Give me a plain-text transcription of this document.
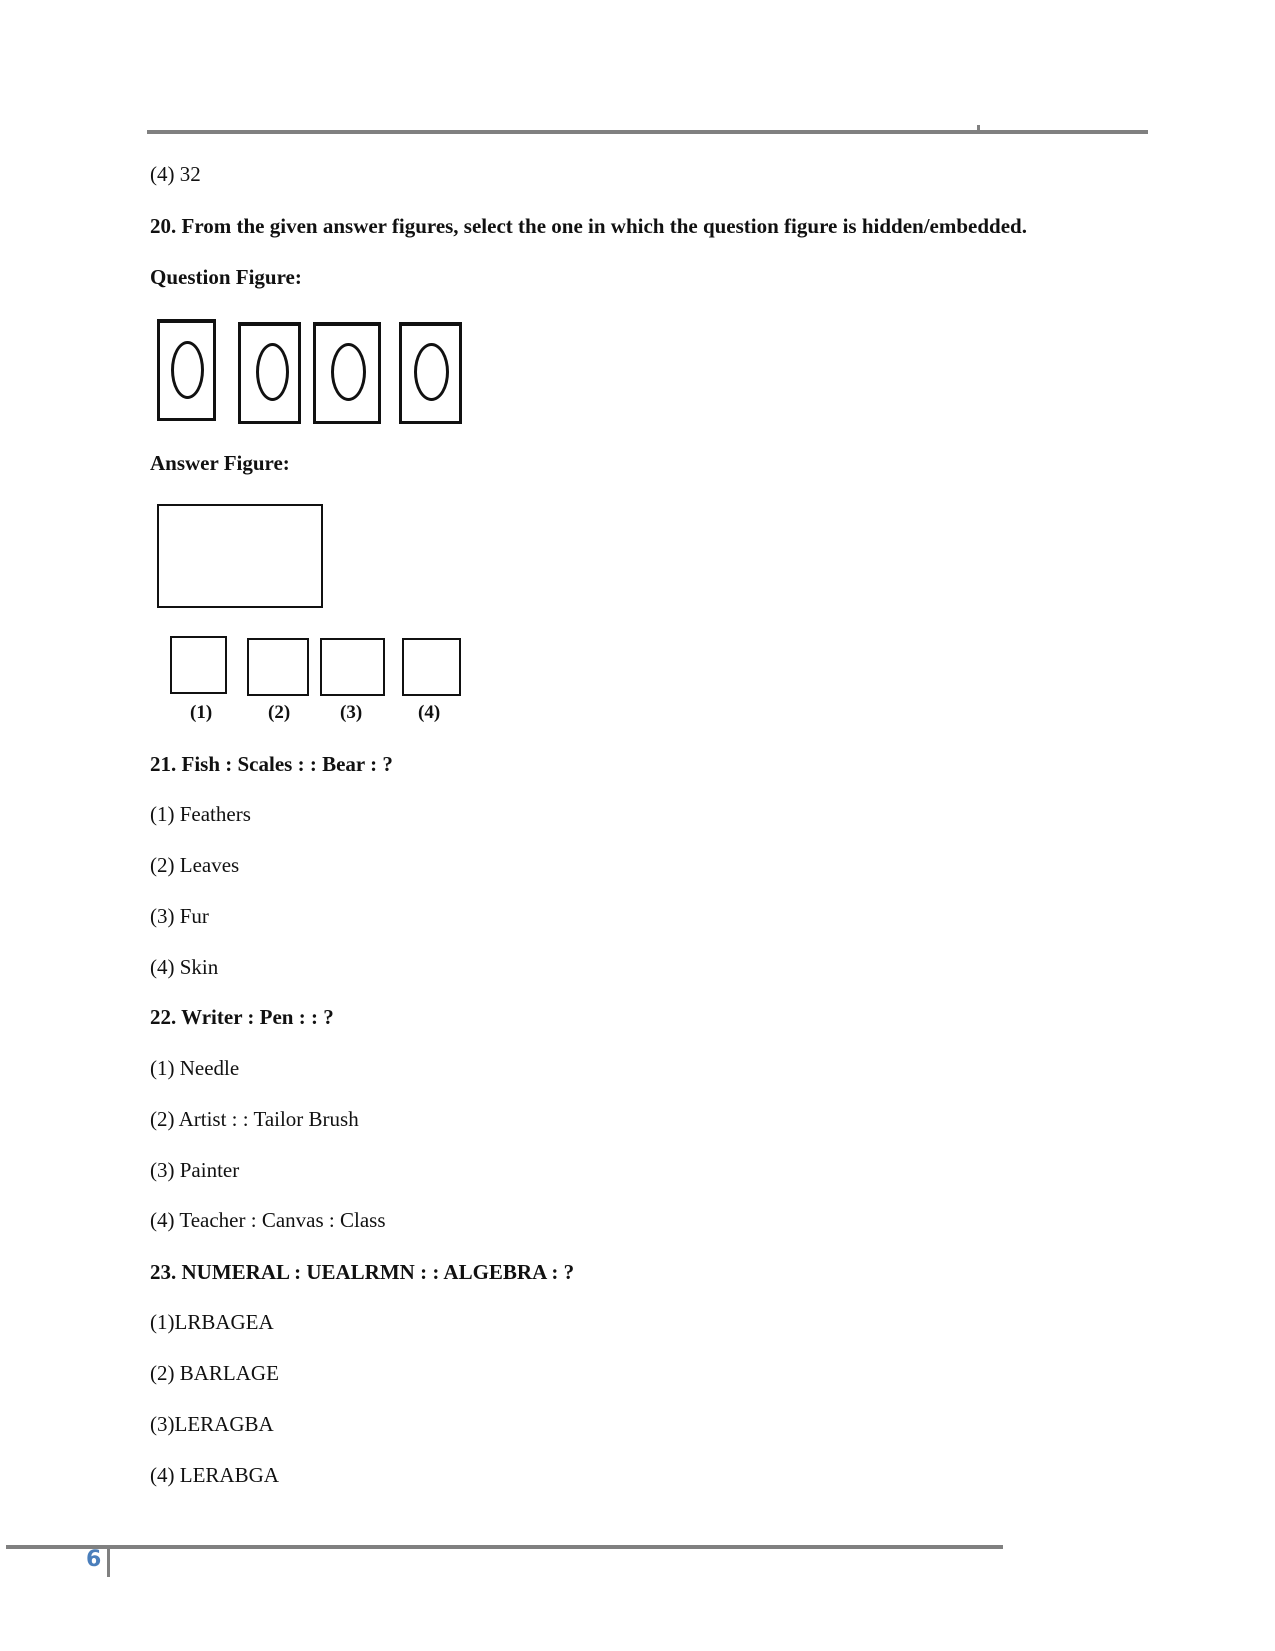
(4) 32
20. From the given answer figures, select the one in which the question figure is hidden/embedded.
Question Figure:
Answer Figure:
(1)	(2)	(3)	(4)
21. Fish : Scales : : Bear : ?
(1) Feathers
(2) Leaves
(3) Fur
(4) Skin
22. Writer : Pen : : ?
(1) Needle
(2) Artist : : Tailor Brush
(3) Painter
(4) Teacher : Canvas : Class
23. NUMERAL : UEALRMN : : ALGEBRA : ?
(1)LRBAGEA
(2) BARLAGE
(3)LERAGBA
(4) LERABGA
6
